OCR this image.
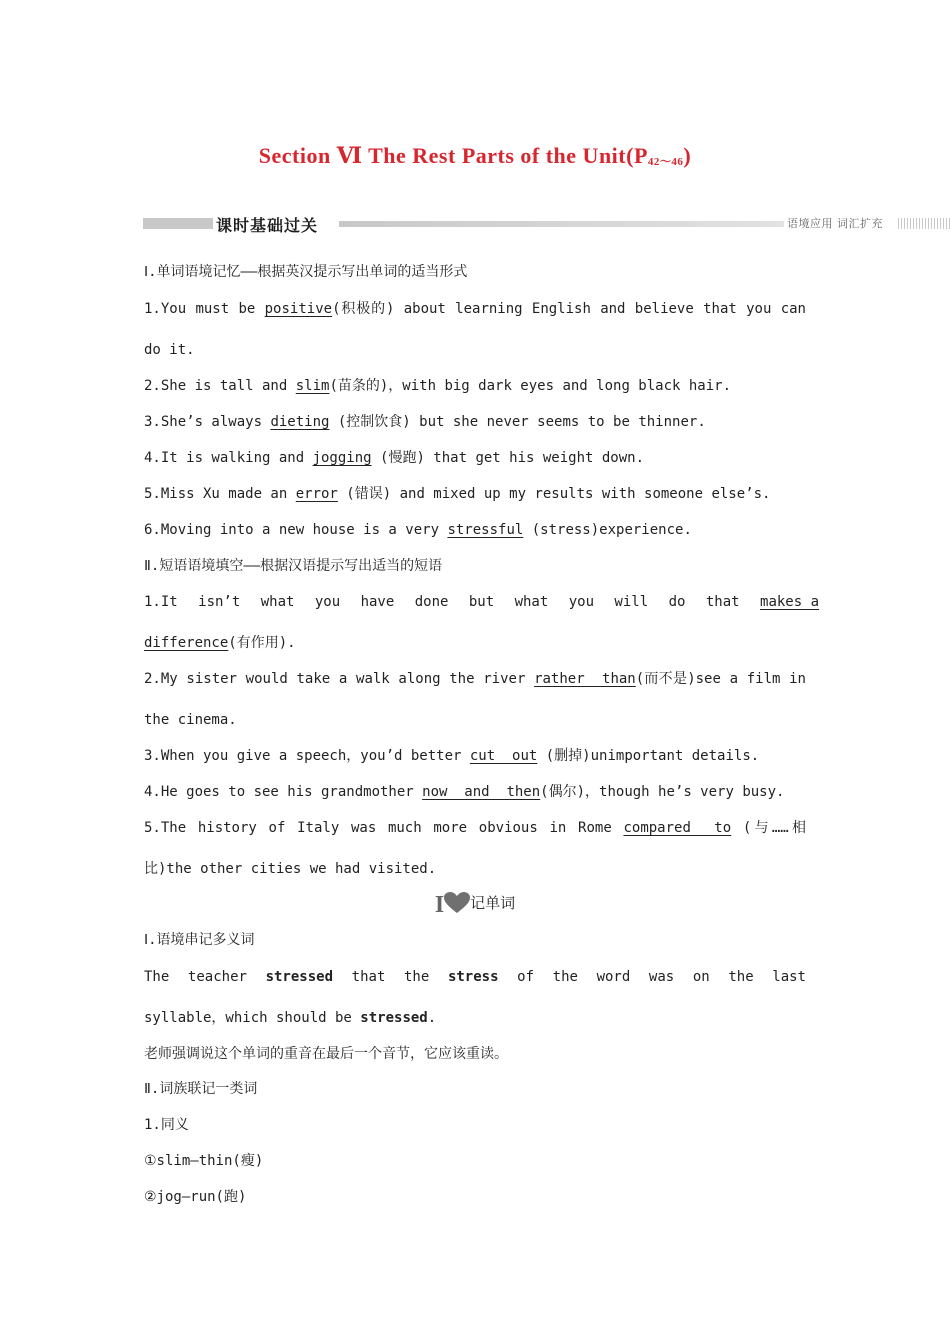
Section Ⅵ The Rest Parts of the $Unit(P_{42\sim 46})$
课时基础过关	语境应用 词汇扩充
Ⅰ.单词语境记忆——根据英汉提示写出单词的适当形式
1.You must be positive(积极的) about learning English and believe that you can
do it.
2.She is tall and slim(苗条的)，with big dark eyes and long black hair.
3.She’s always dieting (控制饮食) but she never seems to be thinner.
4.It is walking and jogging (慢跑) that get his weight down.
5.Miss Xu made an error (错误) and mixed up my results with someone else’s.
6.Moving into a new house is a very stressful (stress)experience.
Ⅱ.短语语境填空——根据汉语提示写出适当的短语
1.It isn’t what you have done but what you will do that makes a
difference(有作用).
2.My sister would take a walk along the river rather  than(而不是)see a film in
the cinema.
3.When you give a speech，you’d better cut  out (删掉)unimportant details.
4.He goes to see his grandmother now  and  then(偶尔)，though he’s very busy.
5.The history of Italy was much more obvious in Rome compared  to (与……相
比)the other cities we had visited.
I 记单词
Ⅰ.语境串记多义词
The teacher stressed that the stress of the word was on the last
syllable，which should be stressed.
老师强调说这个单词的重音在最后一个音节，它应该重读。
Ⅱ.词族联记一类词
1.同义
①slim—thin(瘦)
②jog—run(跑)
